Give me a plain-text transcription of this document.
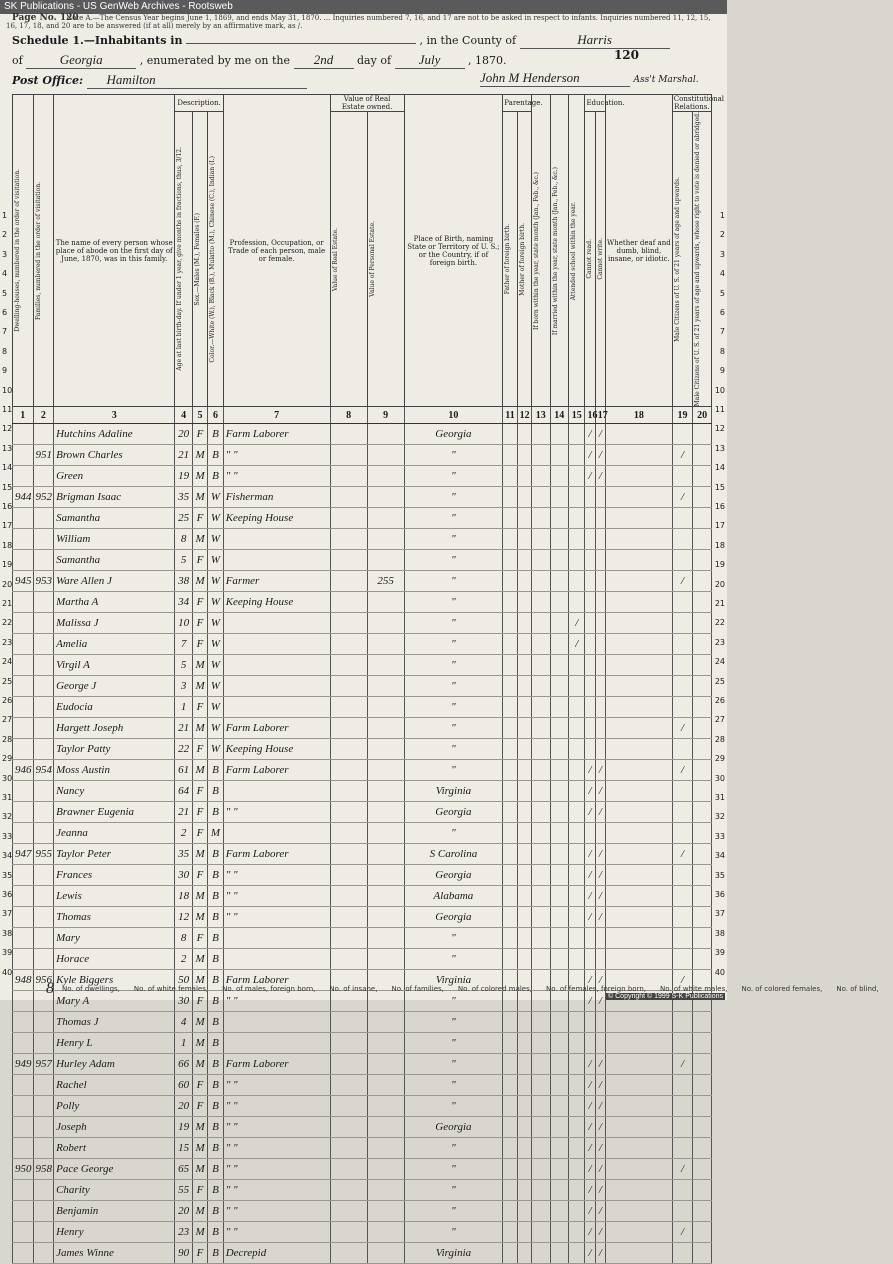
SK Publications - US GenWeb Archives - Rootsweb
Page No. 120
Note A.—The Census Year begins June 1, 1869, and ends May 31, 1870. ... Inquiries numbered 7, 16, and 17 are not to be asked in respect to infants. Inquiries numbered 11, 12, 15, 16, 17, 18, and 20 are to be answered (if at all) merely by an affirmative mark, as /.
Schedule 1.—Inhabitants in	, in the County of	Harris
of	Georgia	, enumerated by me on the 2nd day of July	, 1870.	120
Post Office: Hamilton	John M Henderson	Ass't Marshal.
Dwelling-houses, numbered in the order of visitation.	Families, numbered in the order of visitation.	The name of every person whose place of abode on the first day of June, 1870, was in this family.	Description.			Profession, Occupation, or Trade of each person, male or female.	Value of Real Estate owned.		Place of Birth, naming State or Territory of U. S.; or the Country, if of foreign birth.	Parentage.		If born within the year, state month (Jan., Feb., &c.)	If married within the year, state month (Jan., Feb., &c.)	Attended school within the year.	Education.		Whether deaf and dumb, blind, insane, or idiotic.	Constitutional Relations.	

			Age at last birth-day. If under 1 year, give months in fractions, thus, 3/12.	Sex.—Males (M.), Females (F.)	Color.—White (W.), Black (B.), Mulatto (M.), Chinese (C.), Indian (I.)		Value of Real Estate.	Value of Personal Estate.		Father of foreign birth.	Mother of foreign birth.				Cannot read.	Cannot write.		Male Citizens of U. S. of 21 years of age and upwards.	Male Citizens of U. S. of 21 years of age and upwards, whose right to vote is denied or abridged.

1	2	3	4	5	6	7	8	9	10	11	12	13	14	15	16	17	18	19	20
		Hutchins Adaline	20	F	B	Farm Laborer			Georgia						/	/			
	951	Brown Charles	21	M	B	" "			"						/	/		/	
		Green	19	M	B	" "			"						/	/			
944	952	Brigman Isaac	35	M	W	Fisherman			"									/	
		Samantha	25	F	W	Keeping House			"										
		William	8	M	W				"										
		Samantha	5	F	W				"										
945	953	Ware Allen J	38	M	W	Farmer		255	"									/	
		Martha A	34	F	W	Keeping House			"										
		Malissa J	10	F	W				"					/					
		Amelia	7	F	W				"					/					
		Virgil A	5	M	W				"										
		George J	3	M	W				"										
		Eudocia	1	F	W				"										
		Hargett Joseph	21	M	W	Farm Laborer			"									/	
		Taylor Patty	22	F	W	Keeping House			"										
946	954	Moss Austin	61	M	B	Farm Laborer			"						/	/		/	
		Nancy	64	F	B				Virginia						/	/			
		Brawner Eugenia	21	F	B	" "			Georgia						/	/			
		Jeanna	2	F	M				"										
947	955	Taylor Peter	35	M	B	Farm Laborer			S Carolina						/	/		/	
		Frances	30	F	B	" "			Georgia						/	/			
		Lewis	18	M	B	" "			Alabama						/	/			
		Thomas	12	M	B	" "			Georgia						/	/			
		Mary	8	F	B				"										
		Horace	2	M	B				"										
948	956	Kyle Biggers	50	M	B	Farm Laborer			Virginia						/	/		/	
		Mary A	30	F	B	" "			"						/	/			
		Thomas J	4	M	B				"										
		Henry L	1	M	B				"										
949	957	Hurley Adam	66	M	B	Farm Laborer			"						/	/		/	
		Rachel	60	F	B	" "			"						/	/			
		Polly	20	F	B	" "			"						/	/			
		Joseph	19	M	B	" "			Georgia						/	/			
		Robert	15	M	B	" "			"						/	/			
950	958	Pace George	65	M	B	" "			"						/	/		/	
		Charity	55	F	B	" "			"						/	/			
		Benjamin	20	M	B	" "			"						/	/			
		Henry	23	M	B	" "			"						/	/		/	
		James Winne	90	F	B	Decrepid			Virginia						/	/			
No. of dwellings, No. of white females, No. of males, foreign born, No. of insane, No. of families, No. of colored males, No. of females, foreign born, No. of white males, No. of colored females, No. of blind,
8	© Copyright © 1999 S-K Publications
1	1
2	2
3	3
4	4
5	5
6	6
7	7
8	8
9	9
10	10
11	11
12	12
13	13
14	14
15	15
16	16
17	17
18	18
19	19
20	20
21	21
22	22
23	23
24	24
25	25
26	26
27	27
28	28
29	29
30	30
31	31
32	32
33	33
34	34
35	35
36	36
37	37
38	38
39	39
40	40
